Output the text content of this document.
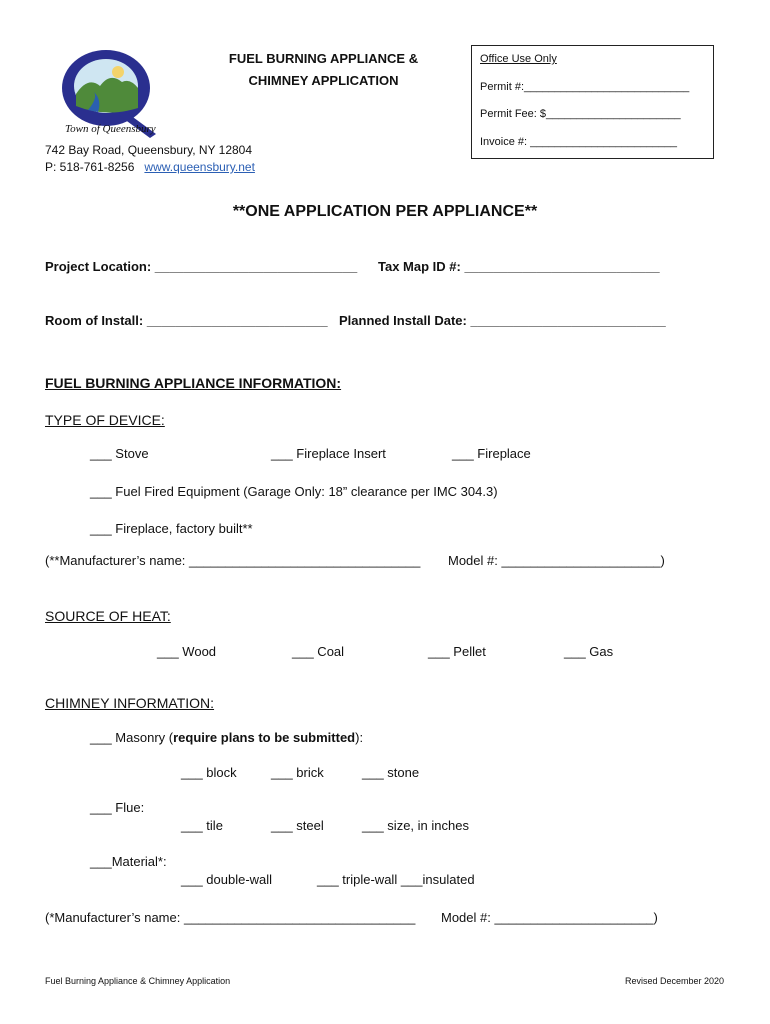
Town of Queensbury
742 Bay Road, Queensbury, NY 12804
P: 518-761-8256 www.queensbury.net
FUEL BURNING APPLIANCE &
CHIMNEY APPLICATION
Office Use Only
Permit #:___________________________
Permit Fee: $______________________
Invoice #: ________________________
**ONE APPLICATION PER APPLIANCE**
Project Location: ____________________________ Tax Map ID #: ___________________________
Room of Install: _________________________ Planned Install Date: ___________________________
FUEL BURNING APPLIANCE INFORMATION:
TYPE OF DEVICE:
___ Stove	___ Fireplace Insert	___ Fireplace
___ Fuel Fired Equipment (Garage Only: 18” clearance per IMC 304.3)
___ Fireplace, factory built**
(**Manufacturer’s name: ________________________________ Model #: ______________________)
SOURCE OF HEAT:
___ Wood	___ Coal	___ Pellet	___ Gas
CHIMNEY INFORMATION:
___ Masonry (require plans to be submitted):
___ block	___ brick	___ stone
___ Flue:
___ tile	___ steel	___ size, in inches
___Material*:
___ double-wall	___ triple-wall ___insulated
(*Manufacturer’s name: ________________________________ Model #: ______________________)
Fuel Burning Appliance & Chimney Application	Revised December 2020
